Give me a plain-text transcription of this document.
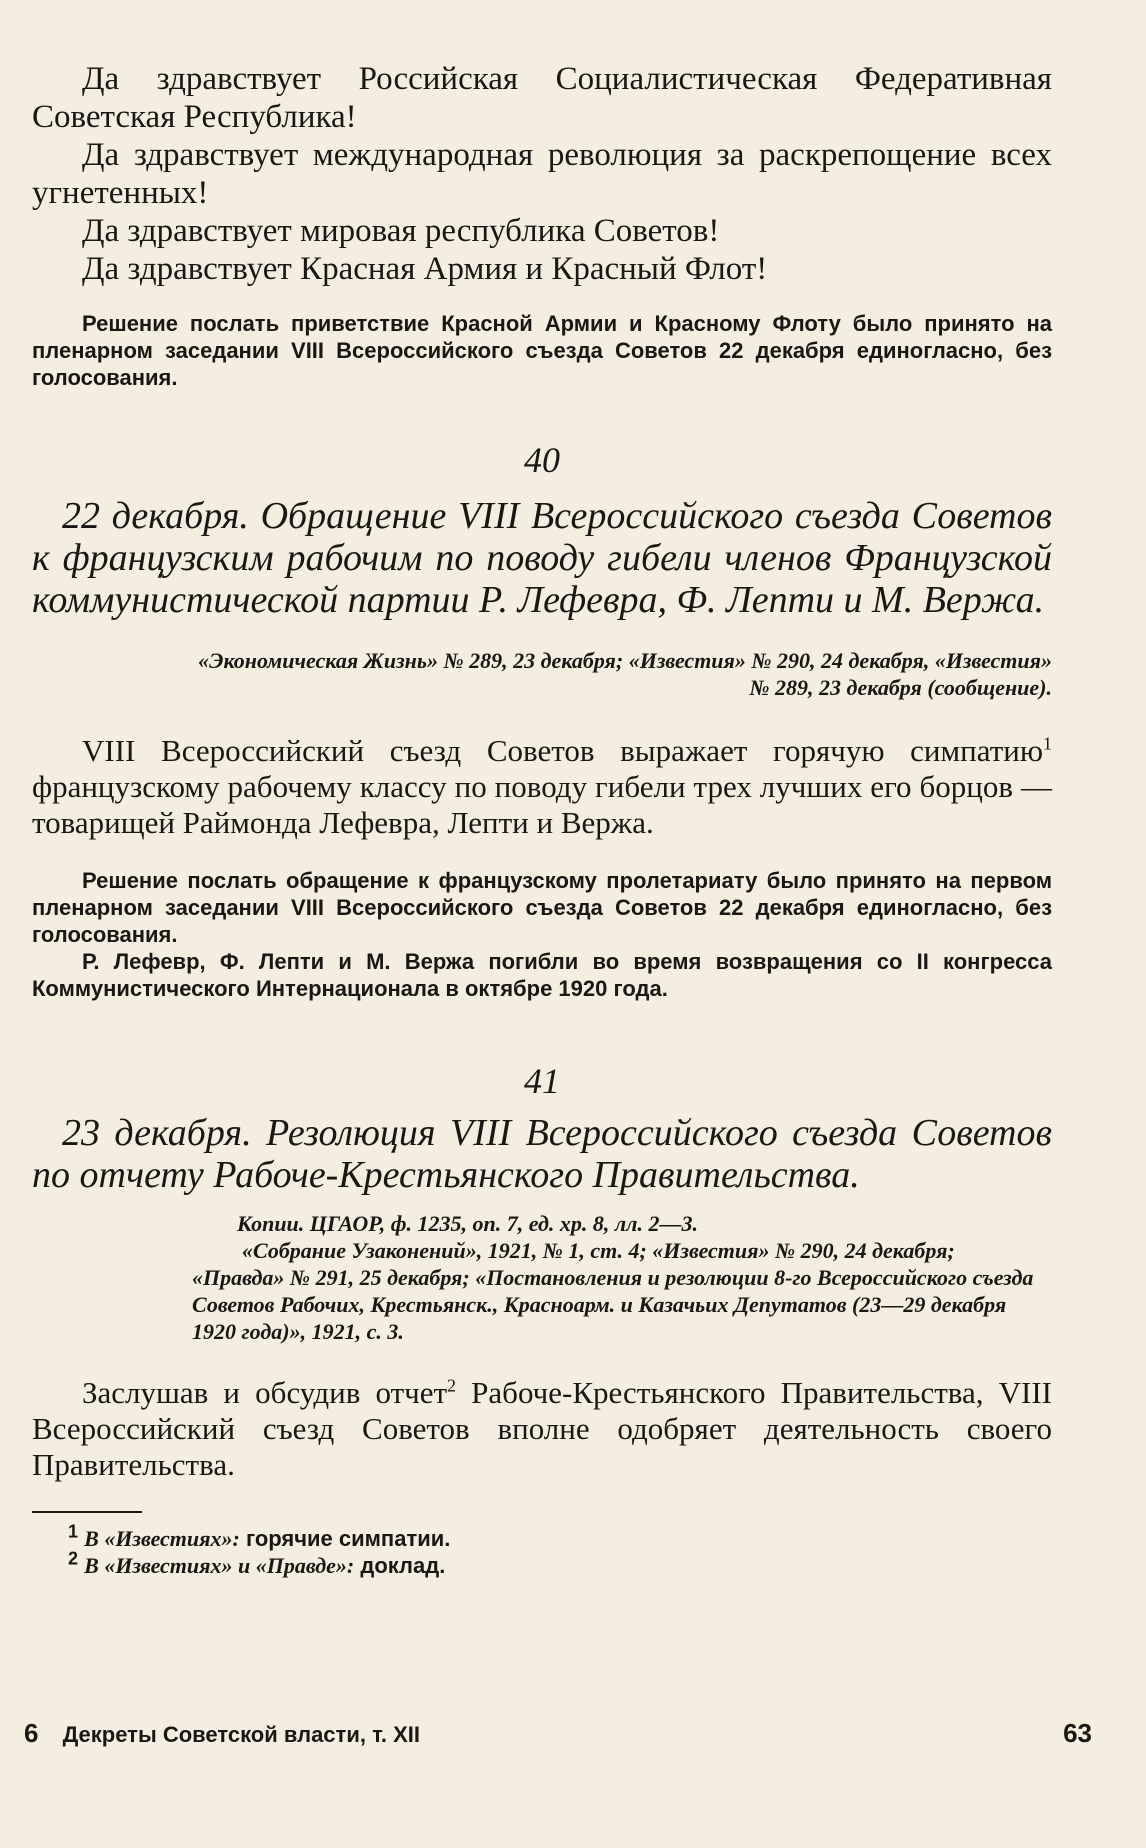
Да здравствует Российская Социалистическая Федеративная Советская Республика!

Да здравствует международная революция за раскрепощение всех угнетенных!

Да здравствует мировая республика Советов!

Да здравствует Красная Армия и Красный Флот!

Решение послать приветствие Красной Армии и Красному Флоту было принято на пленарном заседании VIII Всероссийского съезда Советов 22 декабря единогласно, без голосования.

40

22 декабря. Обращение VIII Всероссийского съезда Советов к французским рабочим по поводу гибели членов Французской коммунистической партии Р. Лефевра, Ф. Лепти и М. Вержа.

«Экономическая Жизнь» № 289, 23 декабря; «Известия» № 290, 24 декабря, «Известия» № 289, 23 декабря (сообщение).

VIII Всероссийский съезд Советов выражает горячую симпатию$^1$ французскому рабочему классу по поводу гибели трех лучших его борцов — товарищей Раймонда Лефевра, Лепти и Вержа.

Решение послать обращение к французскому пролетариату было принято на первом пленарном заседании VIII Всероссийского съезда Советов 22 декабря единогласно, без голосования.

Р. Лефевр, Ф. Лепти и М. Вержа погибли во время возвращения со II конгресса Коммунистического Интернационала в октябре 1920 года.

41

23 декабря. Резолюция VIII Всероссийского съезда Советов по отчету Рабоче-Крестьянского Правительства.

Копии. ЦГАОР, ф. 1235, оп. 7, ед. хр. 8, лл. 2—3.

«Собрание Узаконений», 1921, № 1, ст. 4; «Известия» № 290, 24 декабря; «Правда» № 291, 25 декабря; «Постановления и резолюции 8-го Всероссийского съезда Советов Рабочих, Крестьянск., Красноарм. и Казачьих Депутатов (23—29 декабря 1920 года)», 1921, с. 3.

Заслушав и обсудив отчет$^2$ Рабоче-Крестьянского Правительства, VIII Всероссийский съезд Советов вполне одобряет деятельность своего Правительства.

$^1$ В «Известиях»: горячие симпатии.

$^2$ В «Известиях» и «Правде»: доклад.

6 Декреты Советской власти, т. XII	63
